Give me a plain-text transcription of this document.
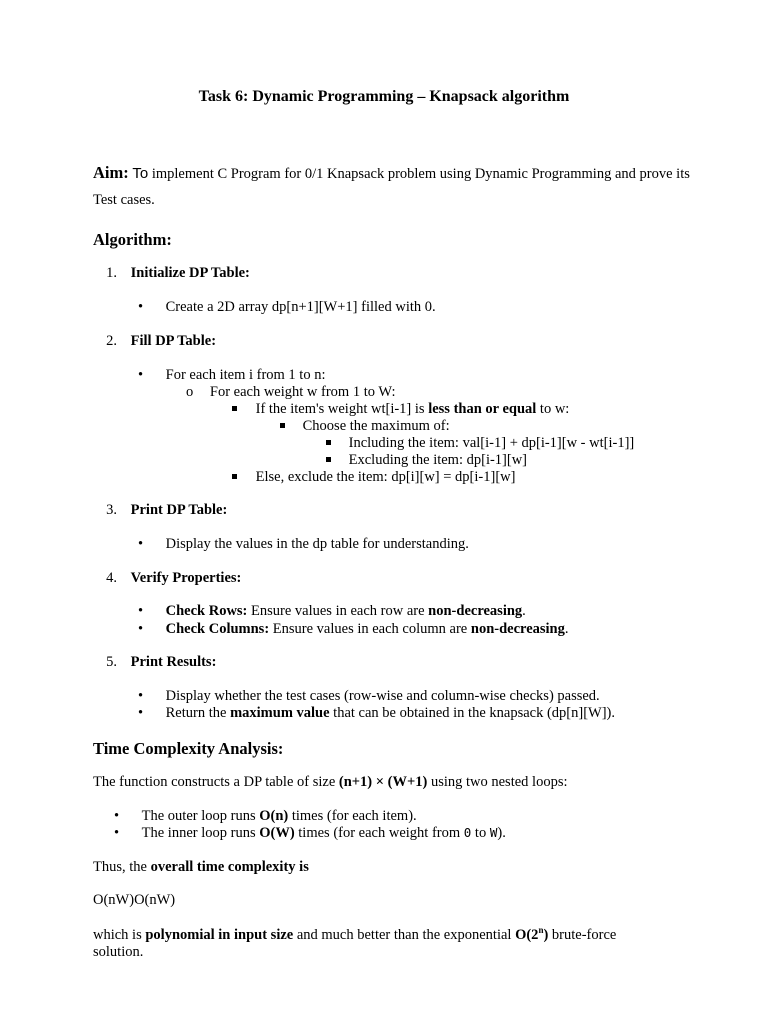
Task 6: Dynamic Programming – Knapsack algorithm
Aim: To implement C Program for 0/1 Knapsack problem using Dynamic Programming and prove its Test cases.
Algorithm:
1. Initialize DP Table:
• Create a 2D array dp[n+1][W+1] filled with 0.
2. Fill DP Table:
• For each item i from 1 to n:
o For each weight w from 1 to W:
If the item's weight wt[i-1] is less than or equal to w:
Choose the maximum of:
Including the item: val[i-1] + dp[i-1][w - wt[i-1]]
Excluding the item: dp[i-1][w]
Else, exclude the item: dp[i][w] = dp[i-1][w]
3. Print DP Table:
• Display the values in the dp table for understanding.
4. Verify Properties:
• Check Rows: Ensure values in each row are non-decreasing.
• Check Columns: Ensure values in each column are non-decreasing.
5. Print Results:
• Display whether the test cases (row-wise and column-wise checks) passed.
• Return the maximum value that can be obtained in the knapsack (dp[n][W]).
Time Complexity Analysis:
The function constructs a DP table of size (n+1) × (W+1) using two nested loops:
• The outer loop runs O(n) times (for each item).
• The inner loop runs O(W) times (for each weight from 0 to W).
Thus, the overall time complexity is
O(nW)O(nW)
which is polynomial in input size and much better than the exponential O(2$^n$) brute-force
solution.
